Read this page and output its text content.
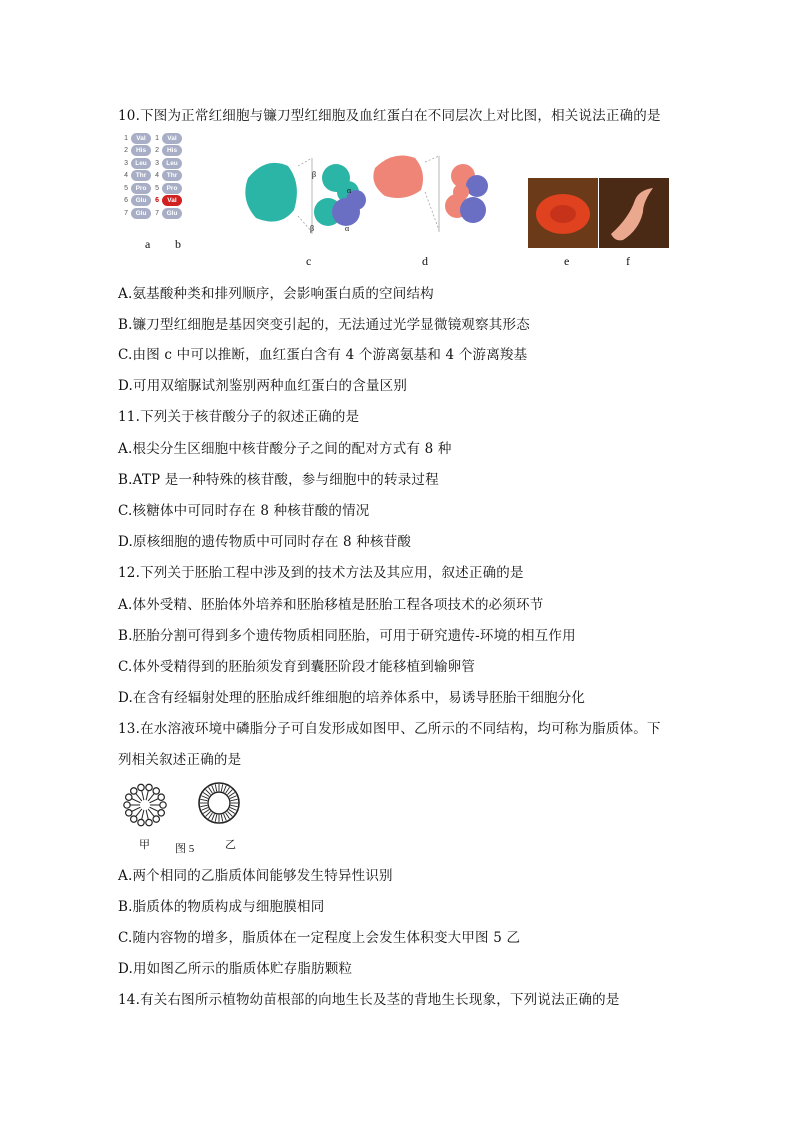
10.下图为正常红细胞与镰刀型红细胞及血红蛋白在不同层次上对比图，相关说法正确的是
1	Val
2	His
3	Leu
4	Thr
5	Pro
6	Glu
7	Glu
1	Val
2	His
3	Leu
4	Thr
5	Pro
6	Val
7	Glu
β
α
β	α
a b
c	d	e	f
A.氨基酸种类和排列顺序，会影响蛋白质的空间结构
B.镰刀型红细胞是基因突变引起的，无法通过光学显微镜观察其形态
C.由图 c 中可以推断，血红蛋白含有 4 个游离氨基和 4 个游离羧基
D.可用双缩脲试剂鉴别两种血红蛋白的含量区别
11.下列关于核苷酸分子的叙述正确的是
A.根尖分生区细胞中核苷酸分子之间的配对方式有 8 种
B.ATP 是一种特殊的核苷酸，参与细胞中的转录过程
C.核糖体中可同时存在 8 种核苷酸的情况
D.原核细胞的遗传物质中可同时存在 8 种核苷酸
12.下列关于胚胎工程中涉及到的技术方法及其应用，叙述正确的是
A.体外受精、胚胎体外培养和胚胎移植是胚胎工程各项技术的必须环节
B.胚胎分割可得到多个遗传物质相同胚胎，可用于研究遗传-环境的相互作用
C.体外受精得到的胚胎须发育到囊胚阶段才能移植到输卵管
D.在含有经辐射处理的胚胎成纤维细胞的培养体系中，易诱导胚胎干细胞分化
13.在水溶液环境中磷脂分子可自发形成如图甲、乙所示的不同结构，均可称为脂质体。下
列相关叙述正确的是
甲 图 5	乙
A.两个相同的乙脂质体间能够发生特异性识别
B.脂质体的物质构成与细胞膜相同
C.随内容物的增多，脂质体在一定程度上会发生体积变大甲图 5 乙
D.用如图乙所示的脂质体贮存脂肪颗粒
14.有关右图所示植物幼苗根部的向地生长及茎的背地生长现象，下列说法正确的是
